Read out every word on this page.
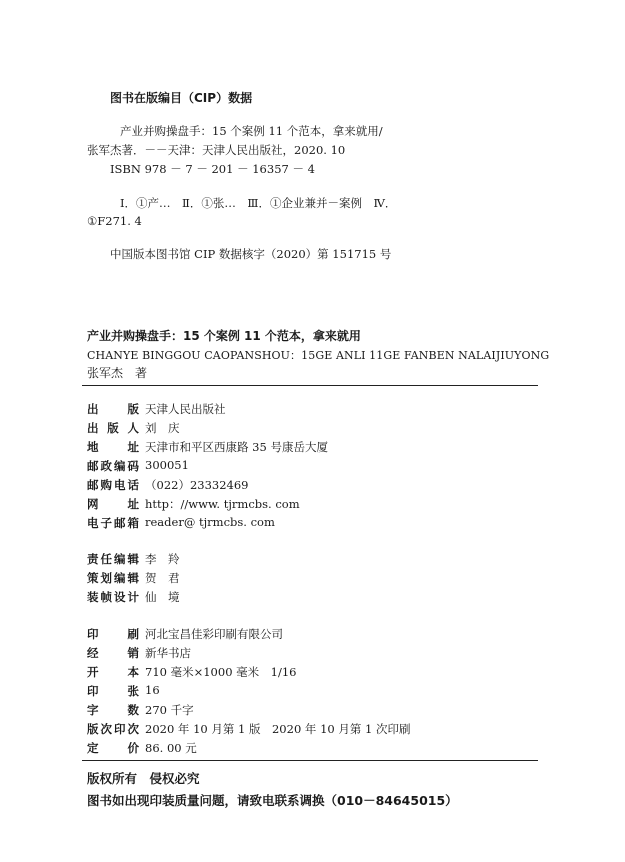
图书在版编目（CIP）数据
产业并购操盘手：15 个案例 11 个范本，拿来就用/
张军杰著．－－天津：天津人民出版社，2020. 10
ISBN 978 － 7 － 201 － 16357 － 4
Ⅰ．①产…　Ⅱ．①张…　Ⅲ．①企业兼并－案例　Ⅳ．
①F271. 4
中国版本图书馆 CIP 数据核字（2020）第 151715 号
产业并购操盘手：15 个案例 11 个范本，拿来就用
CHANYE BINGGOU CAOPANSHOU：15GE ANLI 11GE FANBEN NALAIJIUYONG
张军杰　著
出版 天津人民出版社
出版人 刘　庆
地址 天津市和平区西康路 35 号康岳大厦
邮政编码 300051
邮购电话 （022）23332469
网址 http：//www. tjrmcbs. com
电子邮箱 reader@ tjrmcbs. com
责任编辑 李　羚
策划编辑 贺　君
装帧设计 仙　境
印刷 河北宝昌佳彩印刷有限公司
经销 新华书店
开本 710 毫米×1000 毫米　1/16
印张 16
字数 270 千字
版次印次 2020 年 10 月第 1 版　2020 年 10 月第 1 次印刷
定价 86. 00 元
版权所有　侵权必究
图书如出现印装质量问题，请致电联系调换（010－84645015）
